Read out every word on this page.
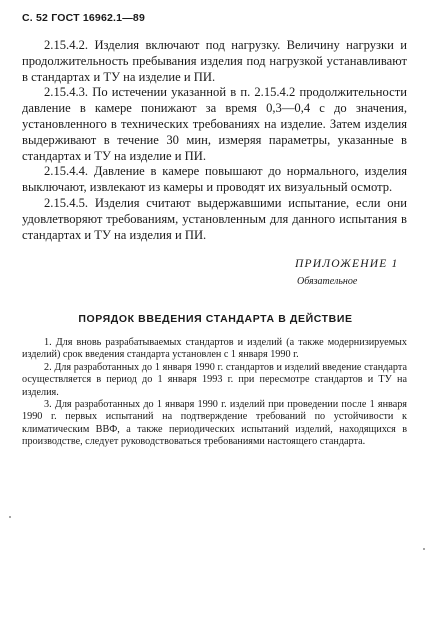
С. 52 ГОСТ 16962.1—89

2.15.4.2. Изделия включают под нагрузку. Величину нагрузки и продолжительность пребывания изделия под нагрузкой устанавливают в стандартах и ТУ на изделие и ПИ.

2.15.4.3. По истечении указанной в п. 2.15.4.2 продолжительности давление в камере понижают за время 0,3—0,4 с до значения, установленного в технических требованиях на изделие. Затем изделия выдерживают в течение 30 мин, измеряя параметры, указанные в стандартах и ТУ на изделие и ПИ.

2.15.4.4. Давление в камере повышают до нормального, изделия выключают, извлекают из камеры и проводят их визуальный осмотр.

2.15.4.5. Изделия считают выдержавшими испытание, если они удовлетворяют требованиям, установленным для данного испытания в стандартах и ТУ на изделия и ПИ.

ПРИЛОЖЕНИЕ 1
Обязательное
ПОРЯДОК ВВЕДЕНИЯ СТАНДАРТА В ДЕЙСТВИЕ

1. Для вновь разрабатываемых стандартов и изделий (а также модернизируемых изделий) срок введения стандарта установлен с 1 января 1990 г.

2. Для разработанных до 1 января 1990 г. стандартов и изделий введение стандарта осуществляется в период до 1 января 1993 г. при пересмотре стандартов и ТУ на изделия.

3. Для разработанных до 1 января 1990 г. изделий при проведении после 1 января 1990 г. первых испытаний на подтверждение требований по устойчивости к климатическим ВВФ, а также периодических испытаний изделий, находящихся в производстве, следует руководствоваться требованиями настоящего стандарта.
